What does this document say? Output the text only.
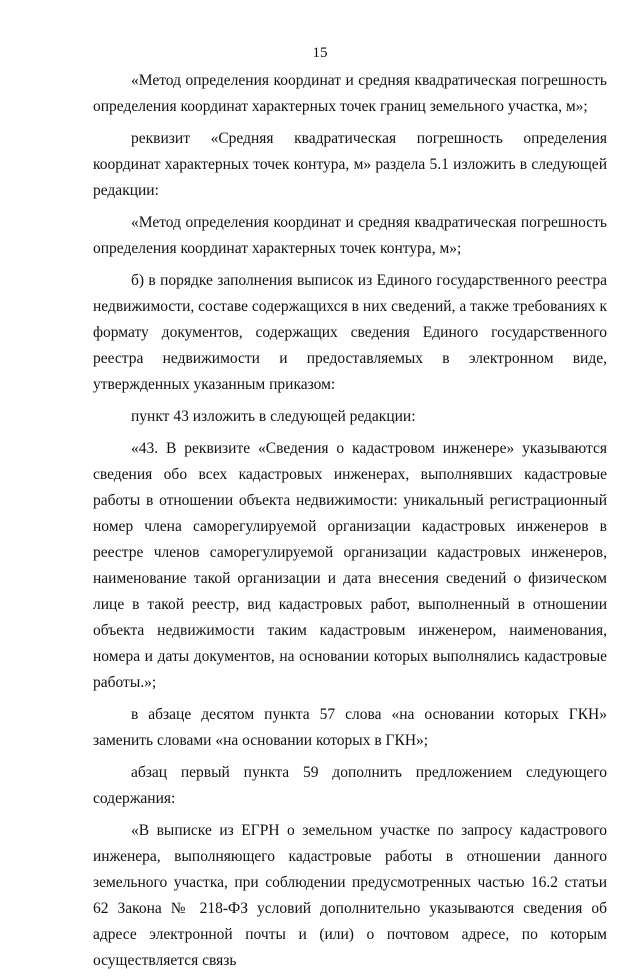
15

«Метод определения координат и средняя квадратическая погрешность определения координат характерных точек границ земельного участка, м»;

реквизит «Средняя квадратическая погрешность определения координат характерных точек контура, м» раздела 5.1 изложить в следующей редакции:

«Метод определения координат и средняя квадратическая погрешность определения координат характерных точек контура, м»;

б) в порядке заполнения выписок из Единого государственного реестра недвижимости, составе содержащихся в них сведений, а также требованиях к формату документов, содержащих сведения Единого государственного реестра недвижимости и предоставляемых в электронном виде, утвержденных указанным приказом:

пункт 43 изложить в следующей редакции:

«43. В реквизите «Сведения о кадастровом инженере» указываются сведения обо всех кадастровых инженерах, выполнявших кадастровые работы в отношении объекта недвижимости: уникальный регистрационный номер члена саморегулируемой организации кадастровых инженеров в реестре членов саморегулируемой организации кадастровых инженеров, наименование такой организации и дата внесения сведений о физическом лице в такой реестр, вид кадастровых работ, выполненный в отношении объекта недвижимости таким кадастровым инженером, наименования, номера и даты документов, на основании которых выполнялись кадастровые работы.»;

в абзаце десятом пункта 57 слова «на основании которых ГКН» заменить словами «на основании которых в ГКН»;

абзац первый пункта 59 дополнить предложением следующего содержания:

«В выписке из ЕГРН о земельном участке по запросу кадастрового инженера, выполняющего кадастровые работы в отношении данного земельного участка, при соблюдении предусмотренных частью 16.2 статьи 62 Закона № 218-ФЗ условий дополнительно указываются сведения об адресе электронной почты и (или) о почтовом адресе, по которым осуществляется связь
